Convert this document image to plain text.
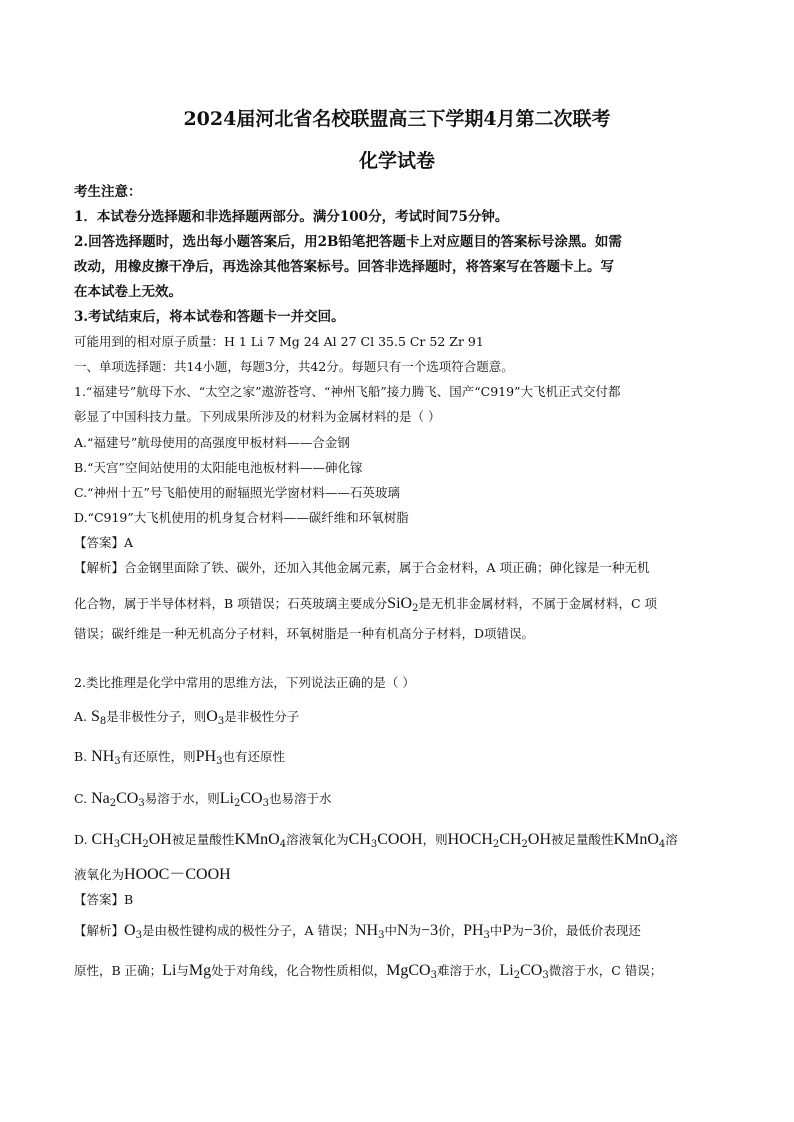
2024届河北省名校联盟高三下学期4月第二次联考
化学试卷
考生注意：
1．本试卷分选择题和非选择题两部分。满分100分，考试时间75分钟。
2.回答选择题时，选出每小题答案后，用2B铅笔把答题卡上对应题目的答案标号涂黑。如需
改动，用橡皮擦干净后，再选涂其他答案标号。回答非选择题时，将答案写在答题卡上。写
在本试卷上无效。
3.考试结束后，将本试卷和答题卡一并交回。
可能用到的相对原子质量：H 1 Li 7 Mg 24 Al 27 Cl 35.5 Cr 52 Zr 91
一、单项选择题：共14小题，每题3分，共42分。每题只有一个选项符合题意。
1.“福建号”航母下水、“太空之家”遨游苍穹、“神州飞船”接力腾飞、国产“C919”大飞机正式交付都
彰显了中国科技力量。下列成果所涉及的材料为金属材料的是（ ）
A.“福建号”航母使用的高强度甲板材料——合金钢
B.“天宫”空间站使用的太阳能电池板材料——砷化镓
C.“神州十五”号飞船使用的耐辐照光学窗材料——石英玻璃
D.“C919”大飞机使用的机身复合材料——碳纤维和环氧树脂
【答案】A
【解析】合金钢里面除了铁、碳外，还加入其他金属元素，属于合金材料，A 项正确；砷化镓是一种无机
化合物，属于半导体材料，B 项错误；石英玻璃主要成分SiO$_2$是无机非金属材料，不属于金属材料，C 项
错误；碳纤维是一种无机高分子材料，环氧树脂是一种有机高分子材料，D项错误。
2.类比推理是化学中常用的思维方法，下列说法正确的是（ ）
A. $S_8$是非极性分子，则$O_3$是非极性分子
B. $NH_3$有还原性，则$PH_3$也有还原性
C. $Na_2CO_3$易溶于水，则$Li_2CO_3$也易溶于水
D. $CH_3CH_2OH$被足量酸性KMnO$_4$溶液氧化为$CH_3COOH$，则$HOCH_2CH_2OH$被足量酸性KMnO$_4$溶
液氧化为HOOC－COOH
【答案】B
【解析】$O_3$是由极性键构成的极性分子，A 错误；$NH_3$中N为−3价，$PH_3$中P为−3价，最低价表现还
原性，B 正确；Li与Mg处于对角线，化合物性质相似，MgCO$_3$难溶于水，$Li_2CO_3$微溶于水，C 错误；
